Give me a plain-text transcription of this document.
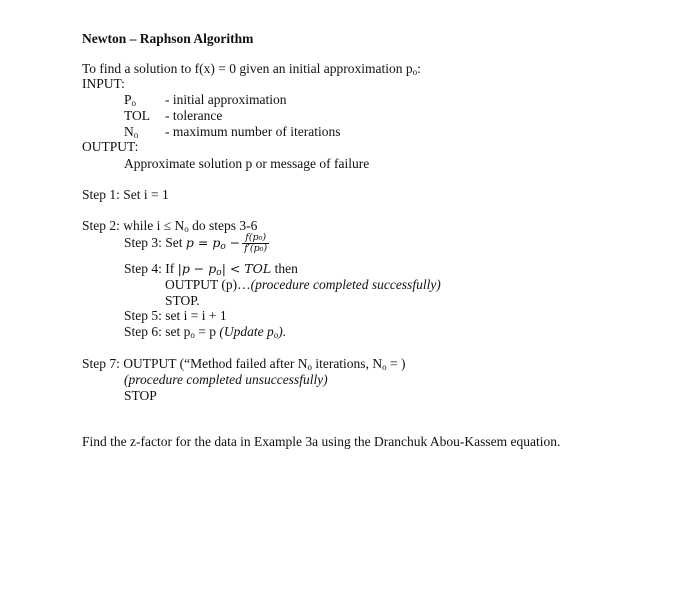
Newton – Raphson Algorithm
To find a solution to f(x) = 0 given an initial approximation $p_o$:
INPUT:
$P_o$ - initial approximation
TOL - tolerance
$N_o$ - maximum number of iterations
OUTPUT:
Approximate solution p or message of failure
Step 1: Set i = 1
Step 2: while $i \le N_o$ do steps 3-6
Step 3: Set $p = p_o - \frac{\text{f(p₀)}}{\text{f′(p₀)}}$
Step 4: If $|p - p_o|$ < TOL then
OUTPUT (p)…(procedure completed successfully)
STOP.
Step 5: set i = i + 1
Step 6: set $p_o = p$ (Update $p_o$).
Step 7: OUTPUT (“Method failed after $N_o$ iterations, $N_o$ = )
(procedure completed unsuccessfully)
STOP
Find the z-factor for the data in Example 3a using the Dranchuk Abou-Kassem equation.
